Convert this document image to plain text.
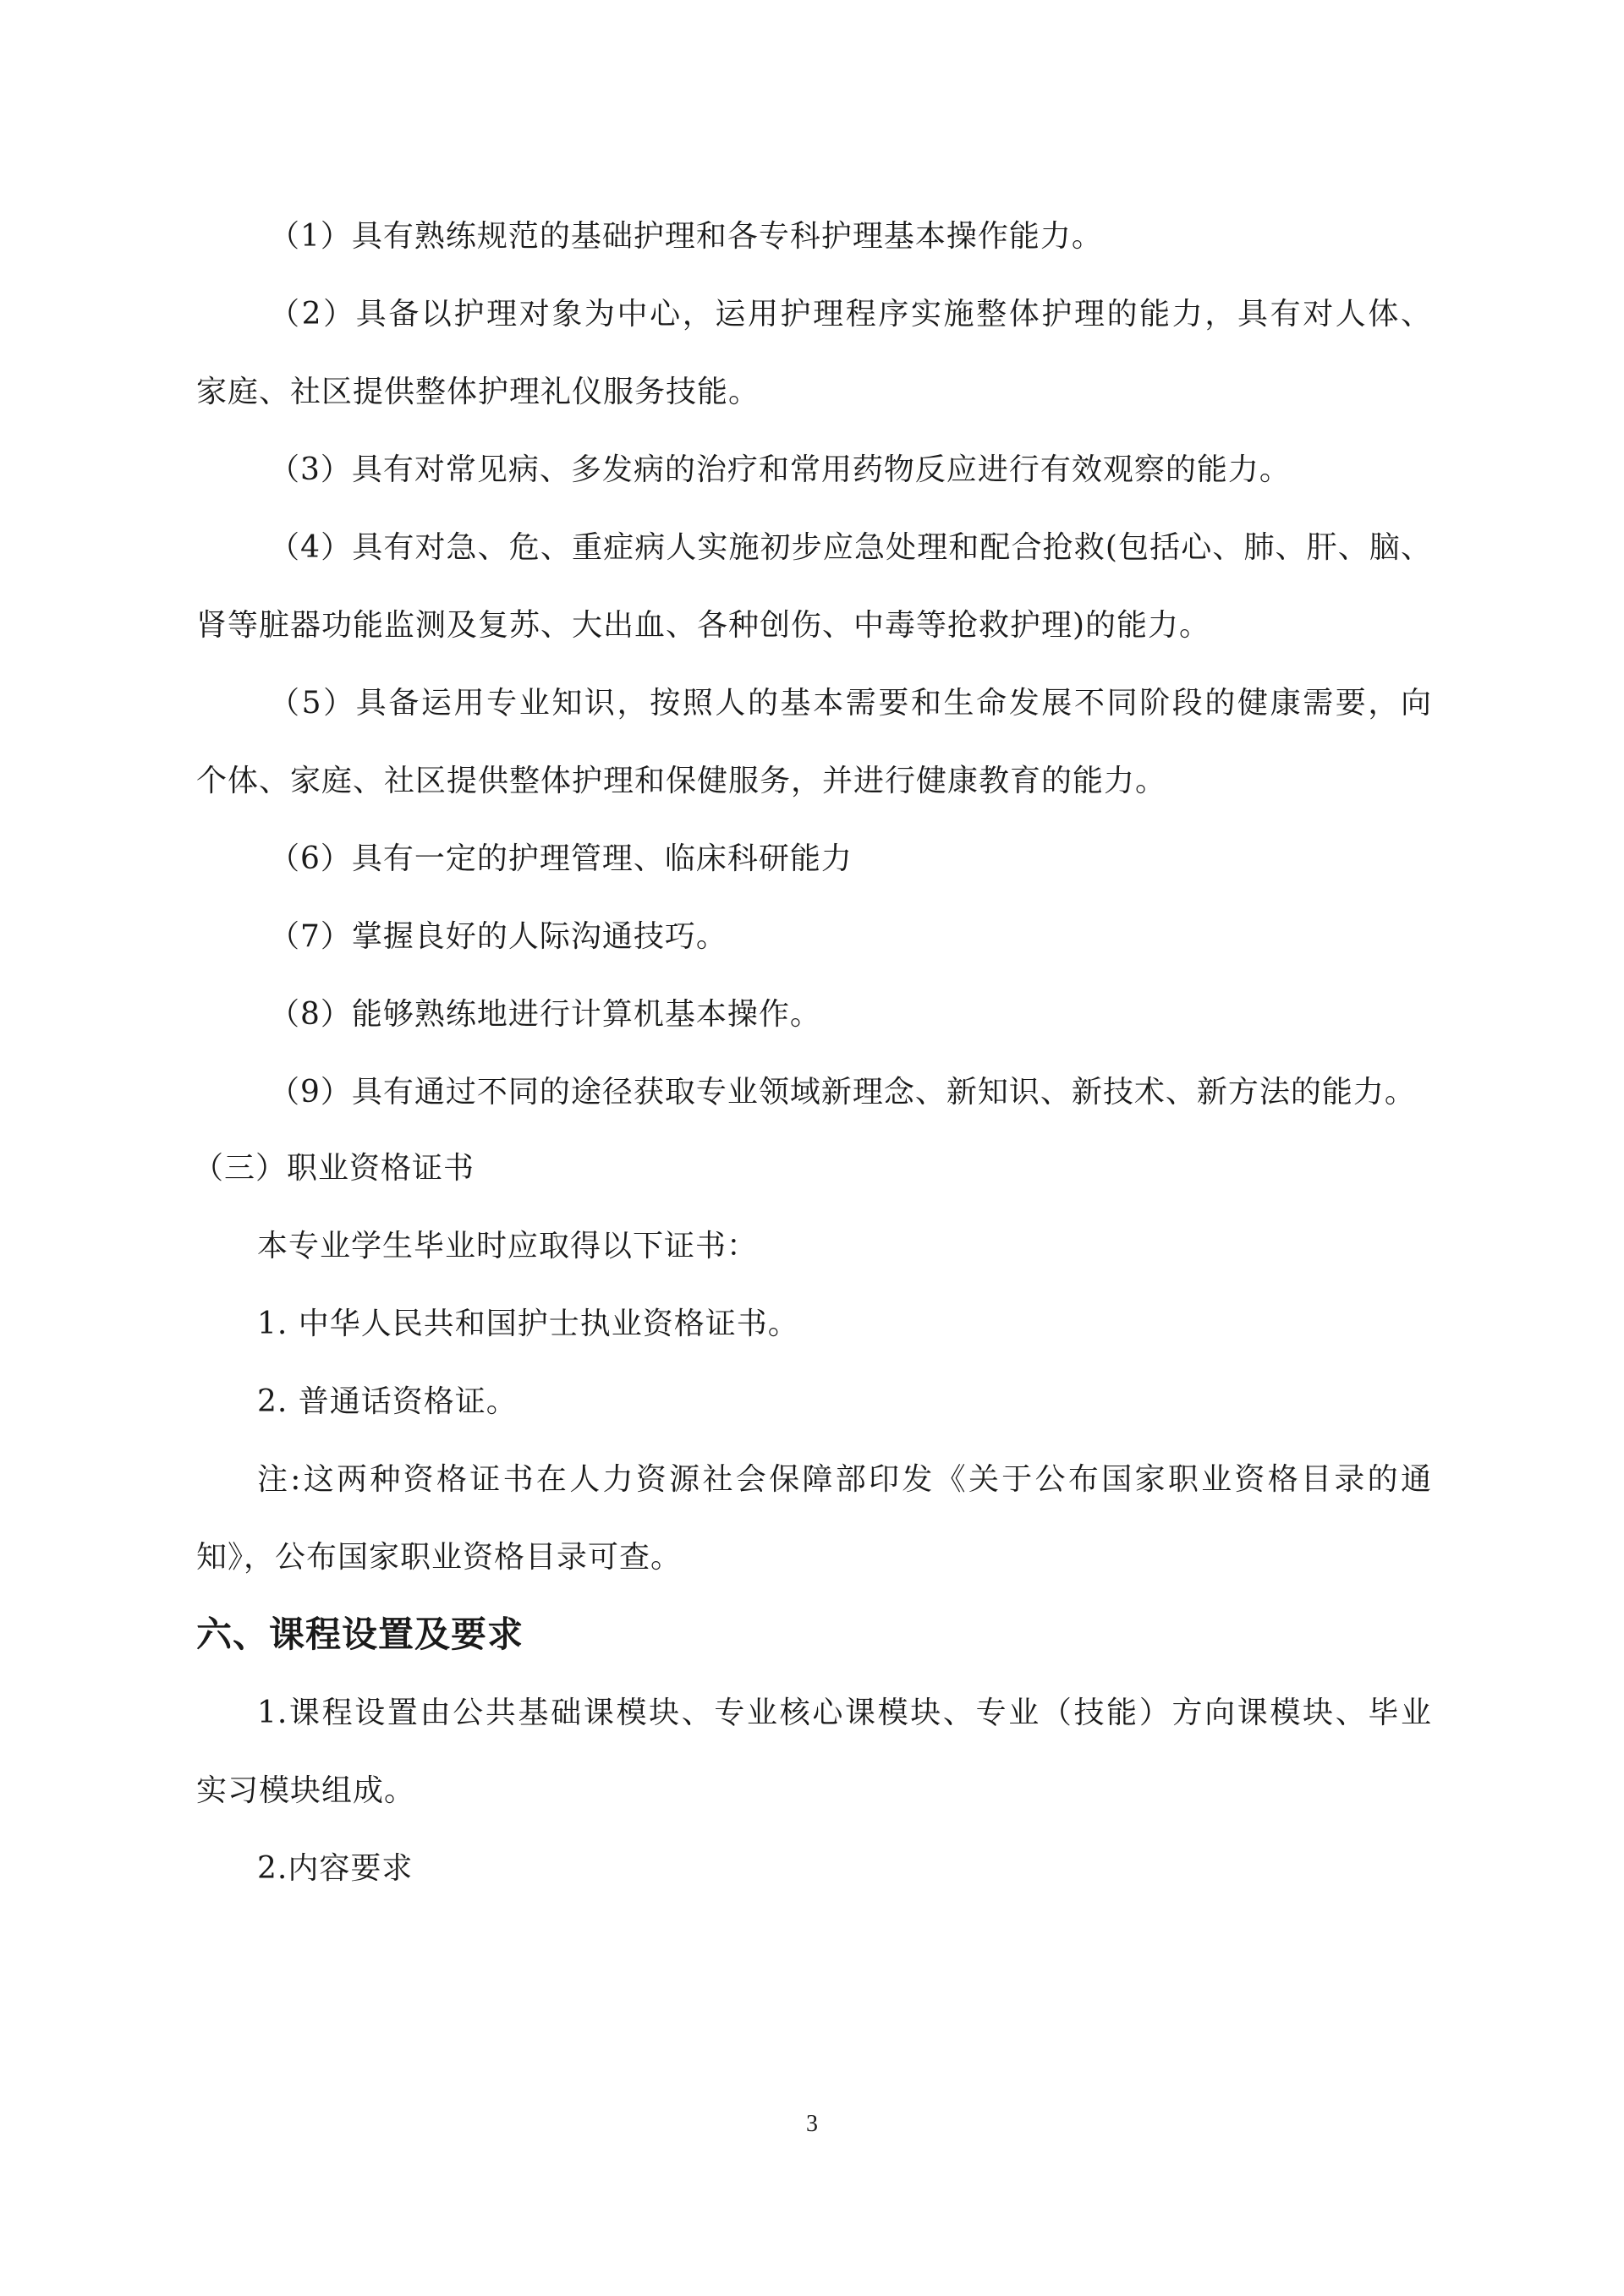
（1）具有熟练规范的基础护理和各专科护理基本操作能力。
（2）具备以护理对象为中心，运用护理程序实施整体护理的能力，具有对人体、
家庭、社区提供整体护理礼仪服务技能。
（3）具有对常见病、多发病的治疗和常用药物反应进行有效观察的能力。
（4）具有对急、危、重症病人实施初步应急处理和配合抢救(包括心、肺、肝、脑、
肾等脏器功能监测及复苏、大出血、各种创伤、中毒等抢救护理)的能力。
（5）具备运用专业知识，按照人的基本需要和生命发展不同阶段的健康需要，向
个体、家庭、社区提供整体护理和保健服务，并进行健康教育的能力。
（6）具有一定的护理管理、临床科研能力
（7）掌握良好的人际沟通技巧。
（8）能够熟练地进行计算机基本操作。
（9）具有通过不同的途径获取专业领域新理念、新知识、新技术、新方法的能力。
（三）职业资格证书
本专业学生毕业时应取得以下证书：
1. 中华人民共和国护士执业资格证书。
2. 普通话资格证。
注:这两种资格证书在人力资源社会保障部印发《关于公布国家职业资格目录的通
知》，公布国家职业资格目录可查。
六、课程设置及要求
1.课程设置由公共基础课模块、专业核心课模块、专业（技能）方向课模块、毕业
实习模块组成。
2.内容要求
3
